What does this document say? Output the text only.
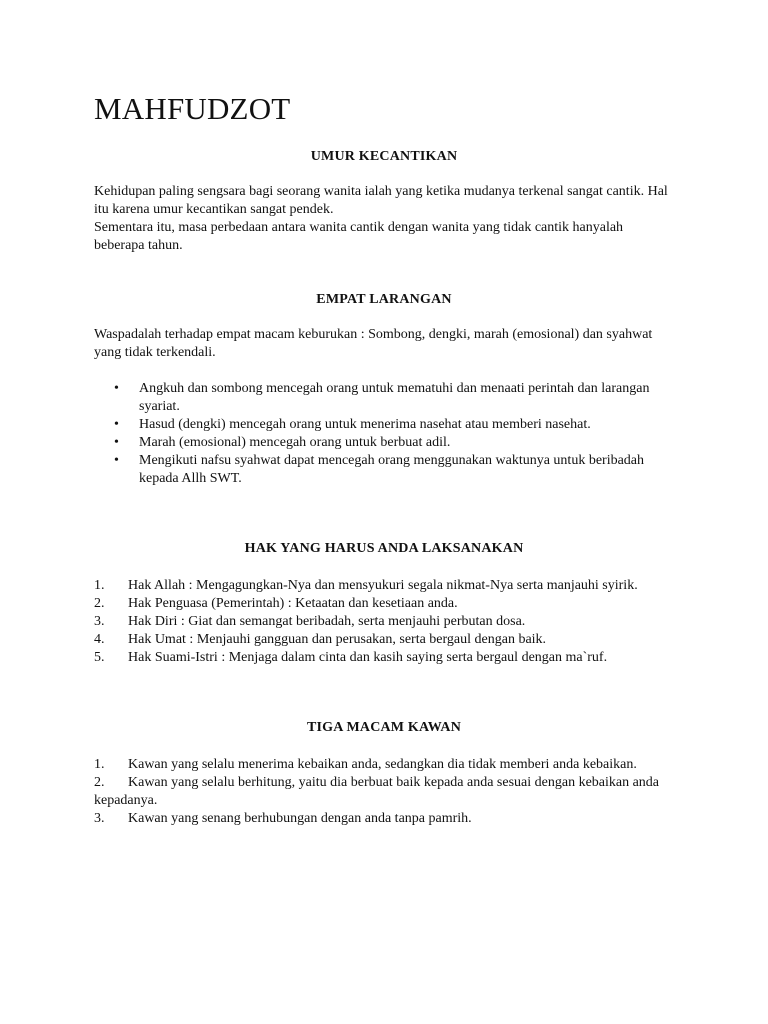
MAHFUDZOT
UMUR KECANTIKAN

Kehidupan paling sengsara bagi seorang wanita ialah yang ketika mudanya terkenal sangat cantik. Hal itu karena umur kecantikan sangat pendek.

Sementara itu, masa perbedaan antara wanita cantik dengan wanita yang tidak cantik hanyalah beberapa tahun.

EMPAT LARANGAN

Waspadalah terhadap empat macam keburukan : Sombong, dengki, marah (emosional) dan syahwat yang tidak terkendali.

• Angkuh dan sombong mencegah orang untuk mematuhi dan menaati perintah dan larangan syariat.
• Hasud (dengki) mencegah orang untuk menerima nasehat atau memberi nasehat.
• Marah (emosional) mencegah orang untuk berbuat adil.
• Mengikuti nafsu syahwat dapat mencegah orang menggunakan waktunya untuk beribadah kepada Allh SWT.
HAK YANG HARUS ANDA LAKSANAKAN
1. Hak Allah : Mengagungkan-Nya dan mensyukuri segala nikmat-Nya serta manjauhi syirik.
2. Hak Penguasa (Pemerintah) : Ketaatan dan kesetiaan anda.
3. Hak Diri : Giat dan semangat beribadah, serta menjauhi perbutan dosa.
4. Hak Umat : Menjauhi gangguan dan perusakan, serta bergaul dengan baik.
5. Hak Suami-Istri : Menjaga dalam cinta dan kasih saying serta bergaul dengan ma`ruf.
TIGA MACAM KAWAN
1. Kawan yang selalu menerima kebaikan anda, sedangkan dia tidak memberi anda kebaikan.
2. Kawan yang selalu berhitung, yaitu dia berbuat baik kepada anda sesuai dengan kebaikan anda kepadanya.
3. Kawan yang senang berhubungan dengan anda tanpa pamrih.
